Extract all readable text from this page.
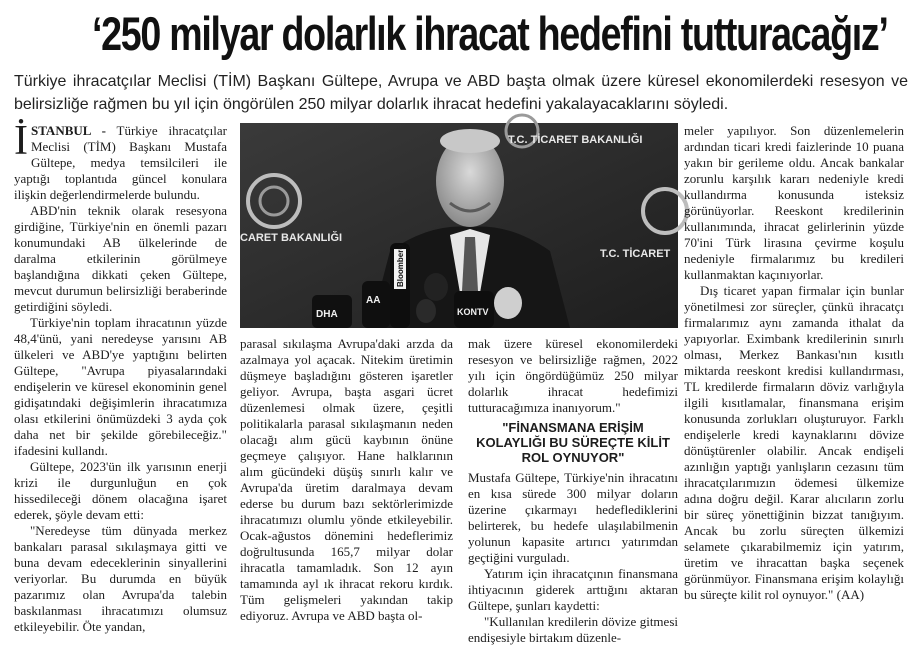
‘250 milyar dolarlık ihracat hedefini tutturacağız’
Türkiye ihracatçılar Meclisi (TİM) Başkanı Gültepe, Avrupa ve ABD başta olmak üzere küresel ekonomilerdeki resesyon ve belirsizliğe rağmen bu yıl için öngörülen 250 milyar dolarlık ihracat hedefini yakalayacaklarını söyledi.

İSTANBUL - Türkiye ihracatçılar Meclisi (TİM) Başkanı Mustafa Gültepe, medya temsilcileri ile yaptığı toplantıda güncel konulara ilişkin değerlendirmelerde bulundu.

ABD'nin teknik olarak resesyona girdiğine, Türkiye'nin en önemli pazarı konumundaki AB ülkelerinde de daralma etkilerinin görülmeye başlandığına dikkati çeken Gültepe, mevcut durumun belirsizliği beraberinde getirdiğini söyledi.

Türkiye'nin toplam ihracatının yüzde 48,4'ünü, yani neredeyse yarısını AB ülkeleri ve ABD'ye yaptığını belirten Gültepe, "Avrupa piyasalarındaki endişelerin ve küresel ekonominin genel gidişatındaki değişimlerin ihracatımıza olası etkilerini önümüzdeki 3 ayda çok daha net bir şekilde görebileceğiz." ifadesini kullandı.

Gültepe, 2023'ün ilk yarısının enerji krizi ile durgunluğun en çok hissedileceği dönem olacağına işaret ederek, şöyle devam etti:

"Neredeyse tüm dünyada merkez bankaları parasal sıkılaşmaya gitti ve buna devam edeceklerinin sinyallerini veriyorlar. Bu durumda en büyük pazarımız olan Avrupa'da talebin baskılanması ihracatımızı olumsuz etkileyebilir. Öte yandan,

T.C. TİCARET BAKANLIĞI
CARET BAKANLIĞI
T.C. TİCARET
Bloomberg
AA
DHA	KONTV

parasal sıkılaşma Avrupa'daki arzda da azalmaya yol açacak. Nitekim üretimin düşmeye başladığını gösteren işaretler geliyor. Avrupa, başta asgari ücret düzenlemesi olmak üzere, çeşitli politikalarla parasal sıkılaşmanın neden olacağı alım gücü kaybının önüne geçmeye çalışıyor. Hane halklarının alım gücündeki düşüş sınırlı kalır ve Avrupa'da üretim daralmaya devam ederse bu durum bazı sektörlerimizde ihracatımızı olumlu yönde etkileyebilir. Ocak-ağustos dönemini hedeflerimiz doğrultusunda 165,7 milyar dolar ihracatla tamamladık. Son 12 ayın tamamında ayl ık ihracat rekoru kırdık. Tüm gelişmeleri yakından takip ediyoruz. Avrupa ve ABD başta ol-

mak üzere küresel ekonomilerdeki resesyon ve belirsizliğe rağmen, 2022 yılı için öngördüğümüz 250 milyar dolarlık ihracat hedefimizi tutturacağımıza inanıyorum."

"FİNANSMANA ERİŞİM KOLAYLIĞI BU SÜREÇTE KİLİT ROL OYNUYOR"

Mustafa Gültepe, Türkiye'nin ihracatını en kısa sürede 300 milyar doların üzerine çıkarmayı hedeflediklerini belirterek, bu hedefe ulaşılabilmenin yolunun kapasite artırıcı yatırımdan geçtiğini vurguladı.

Yatırım için ihracatçının finansmana ihtiyacının giderek arttığını aktaran Gültepe, şunları kaydetti:

"Kullanılan kredilerin dövize gitmesi endişesiyle birtakım düzenle-

meler yapılıyor. Son düzenlemelerin ardından ticari kredi faizlerinde 10 puana yakın bir gerileme oldu. Ancak bankalar zorunlu karşılık kararı nedeniyle kredi kullandırma konusunda isteksiz görünüyorlar. Reeskont kredilerinin kullanımında, ihracat gelirlerinin yüzde 70'ini Türk lirasına çevirme koşulu nedeniyle firmalarımız bu kredileri kullanmaktan kaçınıyorlar.

Dış ticaret yapan firmalar için bunlar yönetilmesi zor süreçler, çünkü ihracatçı firmalarımız aynı zamanda ithalat da yapıyorlar. Eximbank kredilerinin sınırlı olması, Merkez Bankası'nın kısıtlı miktarda reeskont kredisi kullandırması, TL kredilerde firmaların döviz varlığıyla ilgili kısıtlamalar, finansmana erişim konusunda zorlukları oluşturuyor. Farklı endişelerle kredi kaynaklarını dövize dönüştürenler olabilir. Ancak endişeli azınlığın yaptığı yanlışların cezasını tüm ihracatçılarımızın ödemesi ülkemize adına doğru değil. Karar alıcıların zorlu bir süreç yönettiğinin bizzat tanığıyım. Ancak bu zorlu süreçten ülkemizi selamete çıkarabilmemiz için yatırım, üretim ve ihracattan başka seçenek görünmüyor. Finansmana erişim kolaylığı bu süreçte kilit rol oynuyor." (AA)
